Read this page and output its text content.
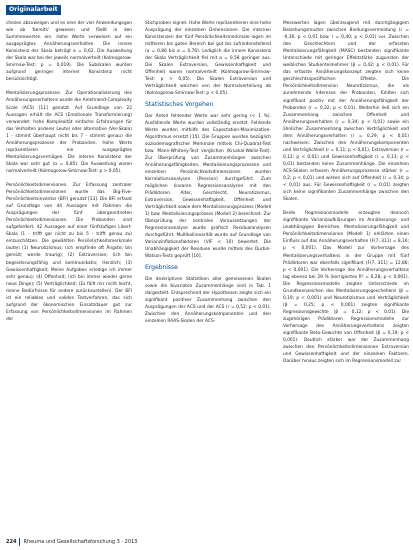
Originalarbeit

chezen abzuweigen und es eine der vier Anwendungsgen wie ob 'bereits' gewesen und fließt in den Summenwerten ein. Hohe Werte verweisen auf ein ausgeprägtes Annäherungsverhalten. Die innere Konsistenz der Skala beträgt α = 0,62. Die Ausweitung der Skala war bei der jeweils normalverteilt (Kolmogorow-Smirnow-Test: p = 0,019). Die Subskalen wurden aufgrund geringer interner Konsistenz nicht berücksichtigt.

Mentalisierungsprozesse. Zur Operationalisierung des Annäherungsverhaltens wurde die Anlehnend-Complexity Scale (ACS) [11] genutzt. Auf Grundlage von 22 Aussagen erhält die ACS (Emotionale Transformierung) verwendet: hohe Komplexität einfache Erfahrungen für das Verhalten anderer Leute) oder alternative (Ver-Skala) 1 - stimmt überhaupt nicht bis 7 - stimmt genau) die Annäherungsprozesse der Probanden. Hohe Werte repräsentieren ein ausgeprägtes Mentalisierungsvermögen. Die interne Konsistenz der Skala war sehr gut (α = 0,85). Die Ausweitung waren normalverteilt (Kolmogorow-Smirnow-Test: p > 0,05).

Persönlichkeitsdimensionen. Zur Erfassung zentraler Persönlichkeitsdimensionen wurde das Big-Five-Persönlichkeitsinventar (BFI) genutzt [13]. Die BFI erfasst auf Grundlage von 44 Aussagen mit Rahmen die Ausprägungen der fünf übergeordneten Persönlichkeitsdimensionen. Die Probanden sind aufgefordert, 42 Aussagen auf einer fünfstufigen Likert-Skala (1 - trifft gar nicht zu bis 5 - trifft genau zu) einzuschätzen. Die gewählten Persönlichkeitsmerkmale lauten (1) Neurotizismus; (ich empfinde oft Ängste; bin gereizt; werde traurig); (2) Extraversion; (ich bin begeisterungsfähig und kommunikativ; Herzlich; (3) Gewissenhaftigkeit; Meine Aufgaben erledige ich immer sehr genau); (4) Offenheit; (ich bin immer wieder gerne neue Dinge); (5) Verträglichkeit; (Es fällt mir nicht leicht, meine Bedürfnisse für andere zurückzustellen). Der BFI ist ein reliables und valides Testverfahren, das sich aufgrund der ökonomischen Einsatzdauer gut zur Erfassung von Persönlichkeitsdimensionen im Rahmen der

Stichproben eignet. Hohe Werte repräsentieren eine hohe Ausprägung der einzelnen Dimensionen. Die internen Konsistenzen der fünf Persönlichkeitsmerkmale lagen im mittleren bis guten Bereich bei gut bis zufriedenstellend (α = 0,86 bis α = 0,76). Lediglich die innere Konsistenz der Skala Verträglichkeit fiel mit α = 0,58 geringer aus. Die Skalen Extraversion, Gewissenhaftigkeit und Offenheit waren normalverteilt (Kolmogorow-Smirnow-Test: p > 0,05). Die Skalen Extraversion und Verträglichkeit weichen von der Normalverteilung ab (Kolmogorow-Smirnow-Test: p < 0,05).

Statistisches Vorgehen

Der Anteil fehlender Werte war sehr gering (< 1 %). Ausfallende Werte wurden vollständig ersetzt. Fehlende Werte wurden mithilfe des Expectation-Maximization-Algorithmus ersetzt [15]. Die Gruppen wurden bezüglich soziodemografischer Merkmale mittels Chi-Quadrat-Test bzw. Mann-Whitney-Test verglichen (Kruskal-Wallis-Test). Zur Überprüfung von Zusammenhängen zwischen Annäherungsfähigkeiten, Mentalisierungsprozessen und einzelnen Persönlichkeitsdimensionen wurden Korrelationsanalysen (Pearson) durchgeführt. Zum möglichen linearen Regressionsanalysen mit den Prädiktoren Alter, Geschlecht, Neurotizismus, Extraversion, Gewissenhaftigkeit, Offenheit und Verträglichkeit sowie dem Mentalisierungsprozess (Modell 1) bzw. Mentalisierungsprozess (Modell 2) berechnet. Zur Überprüfung der zentralen Voraussetzungen der Regressionsanalyse wurde grafisch Residualanalysen durchgeführt. Multikollinearität wurde auf Grundlage von Varianzinflationsfaktoren (VIF < 10) bewertet. Die Unabhängigkeit der Residuen wurde mittels des Durbin-Watson-Tests geprüft [16].

Ergebnisse

Die deskriptiven Statistiken aller gemessenen Skalen sowie die bivariaten Zusammenhänge sind in Tab. 1 dargestellt. Entsprechend der Hypothesen zeigte sich ein signifikant positiver Zusammenhang zwischen den Ausprägungen der ACS und der ACS (r = 0,52; p < 0,01). Zwischen den Annäherungskomponenten und den einzelnen RAAS-Skalen der ACS-

Messwerten lagen überzeugend mit durchgängigem Beziehungsmuster zwischen Bindungsvermeidung (r = -0,36; p < 0,01 bzw. r = 0,40; p < 0,01) vor. Zwischen den Geschlechtern und der erfassten Mentalisierungsfähigkeit (MASC) bestanden signifikante Unterschiede mit geringer Effektstärke zugunsten der weiblichen Studienteilnehmer (β = 0,42; p < 0,01). Für das erfasste Annäherungskonzept zeigten sich keine geschlechtsspezifischen Effekte. Die Persönlichkeitsdimension Neurotizismus, die als zunehmende Interesse der Probanden, fühlten sich signifikant positiv mit der Annäherungsfähigkeit der Probanden (r = 0,32; p < 0,01). Weiterhin ließ sich ein Zusammenhang zwischen Offenheit und Annäherungsverhalten (r = 0,34; p < 0,01) sowie ein ähnlicher Zusammenhang zwischen Verträglichkeit und dem Annäherungsverhalten (r = 0,29; p < 0,01) nachweisen. Zwischen den Annäherungskomponenten und Verträglichkeit (r = 0,11; p < 0,01), Extraversion (r = 0,12; p < 0,01) und Gewissenhaftigkeit (r = 0,13; p < 0,01) bestanden keine Zusammenhänge. Die einzelnen ACS-Skalen erfassen Annäherungsprozesse stärker (r = 0,2; p < 0,01) und wirken sich auf Offenheit (r = 0,34; p < 0,01) aus. Für Gewissenhaftigkeit (r = 0,01) zeigten sich keine signifikanten Zusammenhänge zwischen den Skalen.

Beide Regressionsmodelle erzeugten dennoch signifikante Varianzaufklärungen im Annäherungs- und unabhängigen Bereichen. Mentalisierungsfähigkeit und Persönlichkeitsdimensionen (Modell 1) erklärten einen Einfluss auf das Annäherungsverhalten (F(7, 311) = 8,16; p < 0,001). Das Modell zur Vorhersage des Mentalisierungsverhaltens in der Gruppe mit fünf Prädiktoren war ebenfalls signifikant (F(7, 311) = 12,86; p < 0,001). Die Vorhersage des Annäherungsverhaltens lag ebenso bei 29 % (korrigiertes R² = 0,28; p < 0,001). Die Regressionsmodelle zeigten Unterschiede im Grundkennzeichen des Mentalisierungsgeschehens (β = 0,19; p < 0,001) und Neurotizismus und Verträglichkeit (β = 0,25; p < 0,001) zeigten signifikante Regressionsgewichte (β = 0,12; p < 0,01). Die zugehörigen Prädiktoren Regressionsmodelle zur Vorhersage des Annäherungsverhaltens zeigten signifikante Beta-Gewichte von Offenheit (β = 0,19; p < 0,001). Deutlich stärker war der Zusammenhang zwischen den Persönlichkeitsdimensionen Extraversion und Gewissenhaftigkeit und der einzelnen Faktoren. Darüber hinaus zeigten sich im Regressionsmodell zur

224 Rheuma und Gesellschaftsforschung 3 · 2013
